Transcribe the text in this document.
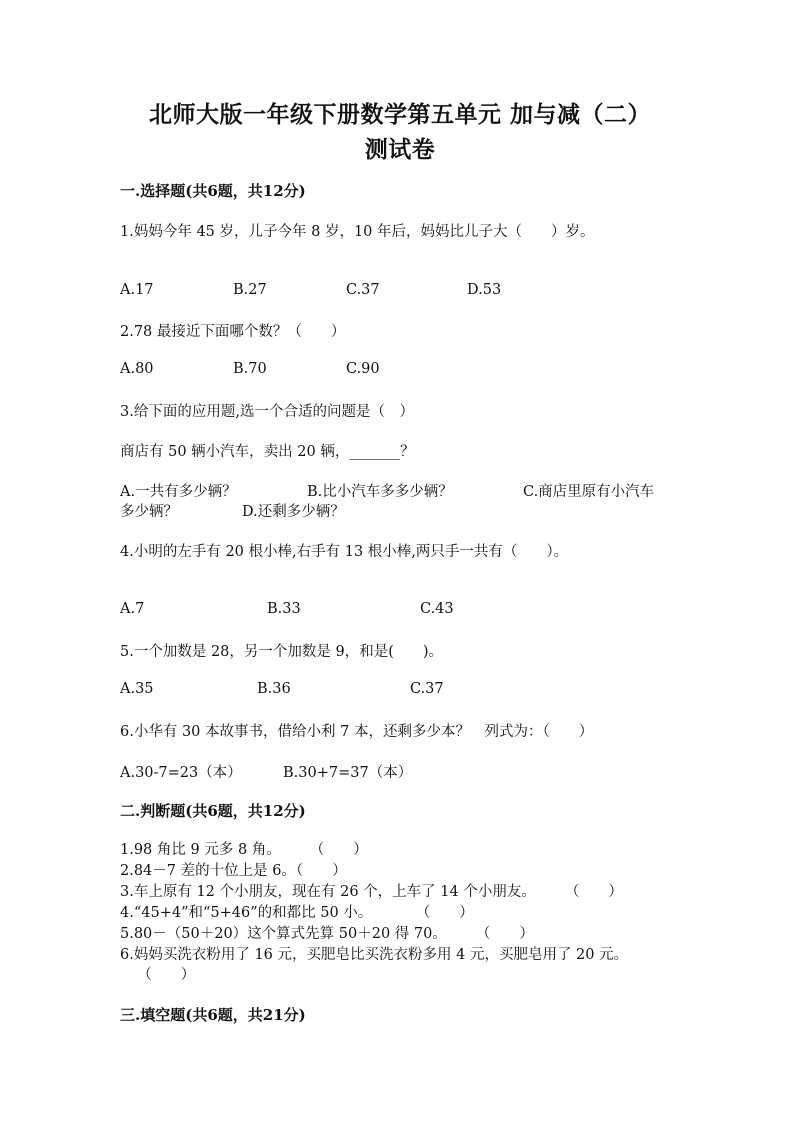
北师大版一年级下册数学第五单元 加与减（二）
测试卷
一.选择题(共6题，共12分)
1.妈妈今年 45 岁，儿子今年 8 岁，10 年后，妈妈比儿子大（　　）岁。
A.17	B.27	C.37	D.53
2.78 最接近下面哪个数？（　　）
A.80	B.70	C.90
3.给下面的应用题,选一个合适的问题是（　）
商店有 50 辆小汽车，卖出 20 辆，_______？
A.一共有多少辆？	B.比小汽车多多少辆？	C.商店里原有小汽车
多少辆？	D.还剩多少辆？
4.小明的左手有 20 根小棒,右手有 13 根小棒,两只手一共有（　　）。
A.7	B.33	C.43
5.一个加数是 28，另一个加数是 9，和是(　　)。
A.35	B.36	C.37
6.小华有 30 本故事书，借给小利 7 本，还剩多少本？　列式为：（　　）
A.30-7=23（本）	B.30+7=37（本）
二.判断题(共6题，共12分)
1.98 角比 9 元多 8 角。　　　（　　）
2.84－7 差的十位上是 6。（　　）
3.车上原有 12 个小朋友，现在有 26 个，上车了 14 个小朋友。　　　（　　）
4.“45+4”和“5+46”的和都比 50 小。　　　　（　　）
5.80－（50＋20）这个算式先算 50＋20 得 70。　　　（　　）
6.妈妈买洗衣粉用了 16 元，买肥皂比买洗衣粉多用 4 元，买肥皂用了 20 元。
　（　　）
三.填空题(共6题，共21分)
